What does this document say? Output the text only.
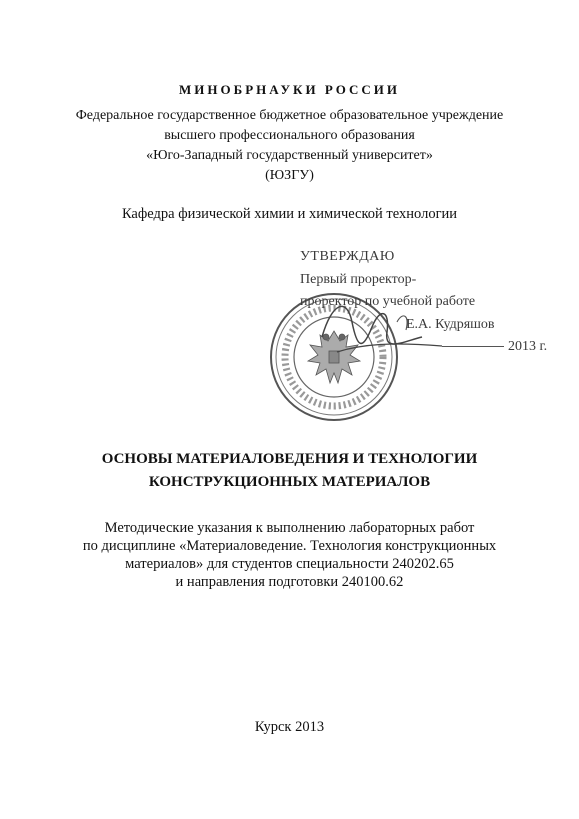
МИНОБРНАУКИ РОССИИ
Федеральное государственное бюджетное образовательное учреждение
высшего профессионального образования
«Юго-Западный государственный университет»
(ЮЗГУ)
Кафедра физической химии и химической технологии
УТВЕРЖДАЮ
Первый проректор-
проректор по учебной работе
Е.А. Кудряшов
2013 г.
ОСНОВЫ МАТЕРИАЛОВЕДЕНИЯ И ТЕХНОЛОГИИ
КОНСТРУКЦИОННЫХ МАТЕРИАЛОВ
Методические указания к выполнению лабораторных работ
по дисциплине «Материаловедение. Технология конструкционных
материалов» для студентов специальности 240202.65
и направления подготовки 240100.62
Курск 2013
